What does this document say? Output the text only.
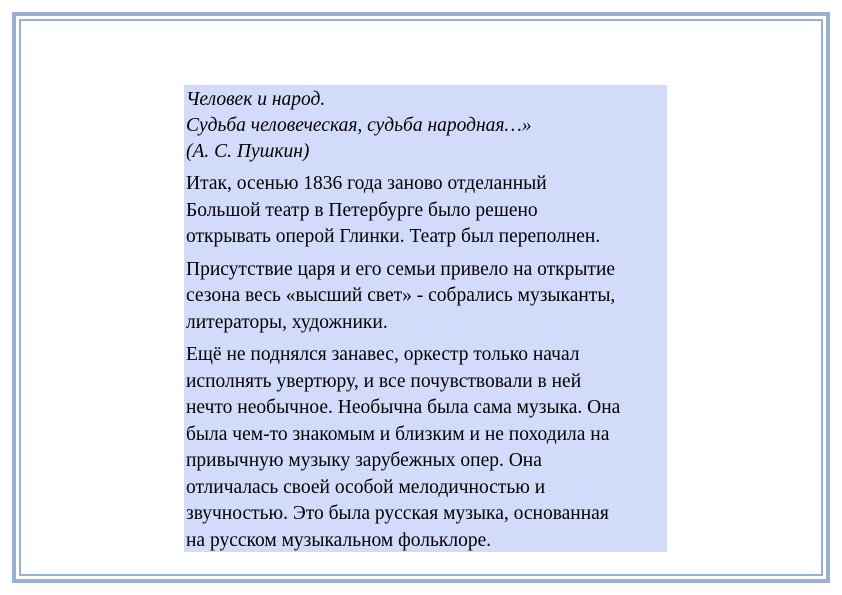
Человек и народ.
Судьба человеческая, судьба народная…»
(А. С. Пушкин)
Итак, осенью 1836 года заново отделанный
Большой театр в Петербурге было решено
открывать оперой Глинки. Театр был переполнен.
Присутствие царя и его семьи привело на открытие
сезона весь «высший свет» - собрались музыканты,
литераторы, художники.
Ещё не поднялся занавес, оркестр только начал
исполнять увертюру, и все почувствовали в ней
нечто необычное. Необычна была сама музыка. Она
была чем-то знакомым и близким и не походила на
привычную музыку зарубежных опер. Она
отличалась своей особой мелодичностью и
звучностью. Это была русская музыка, основанная
на русском музыкальном фольклоре.
